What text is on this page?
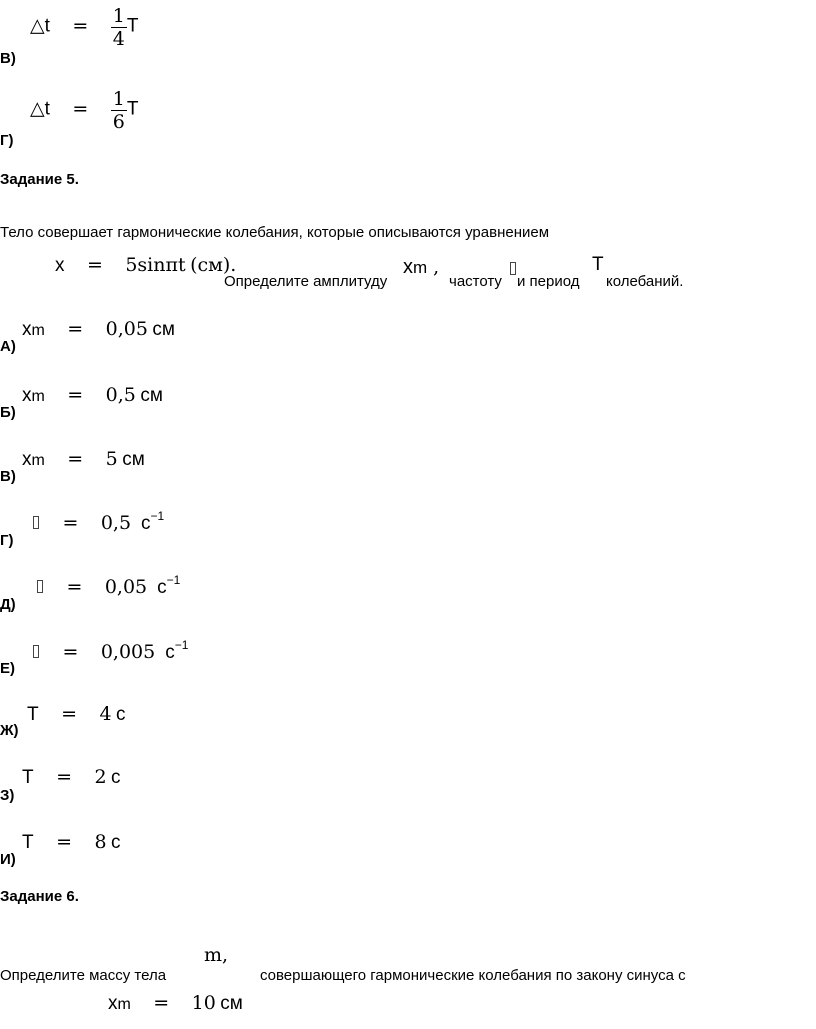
△t = $\frac{1}{4}$ T
В)
△t = $\frac{1}{6}$ T
Г)
Задание 5.
Тело совершает гармонические колебания, которые описываются уравнением
x = 5sinπt (см).
Определите амплитуду
xm ,
частоту и период
T
колебаний.
xm = 0,05 см
А)
xm = 0,5 см
Б)
xm = 5 см
В)
= 0,5 $c^{-1}$
Г)
= 0,05 $c^{-1}$
Д)
= 0,005 $c^{-1}$
Е)
T = 4 c
Ж)
T = 2 c
З)
T = 8 c
И)
Задание 6.
Определите массу тела
m,
совершающего гармонические колебания по закону синуса с
xm = 10 см
